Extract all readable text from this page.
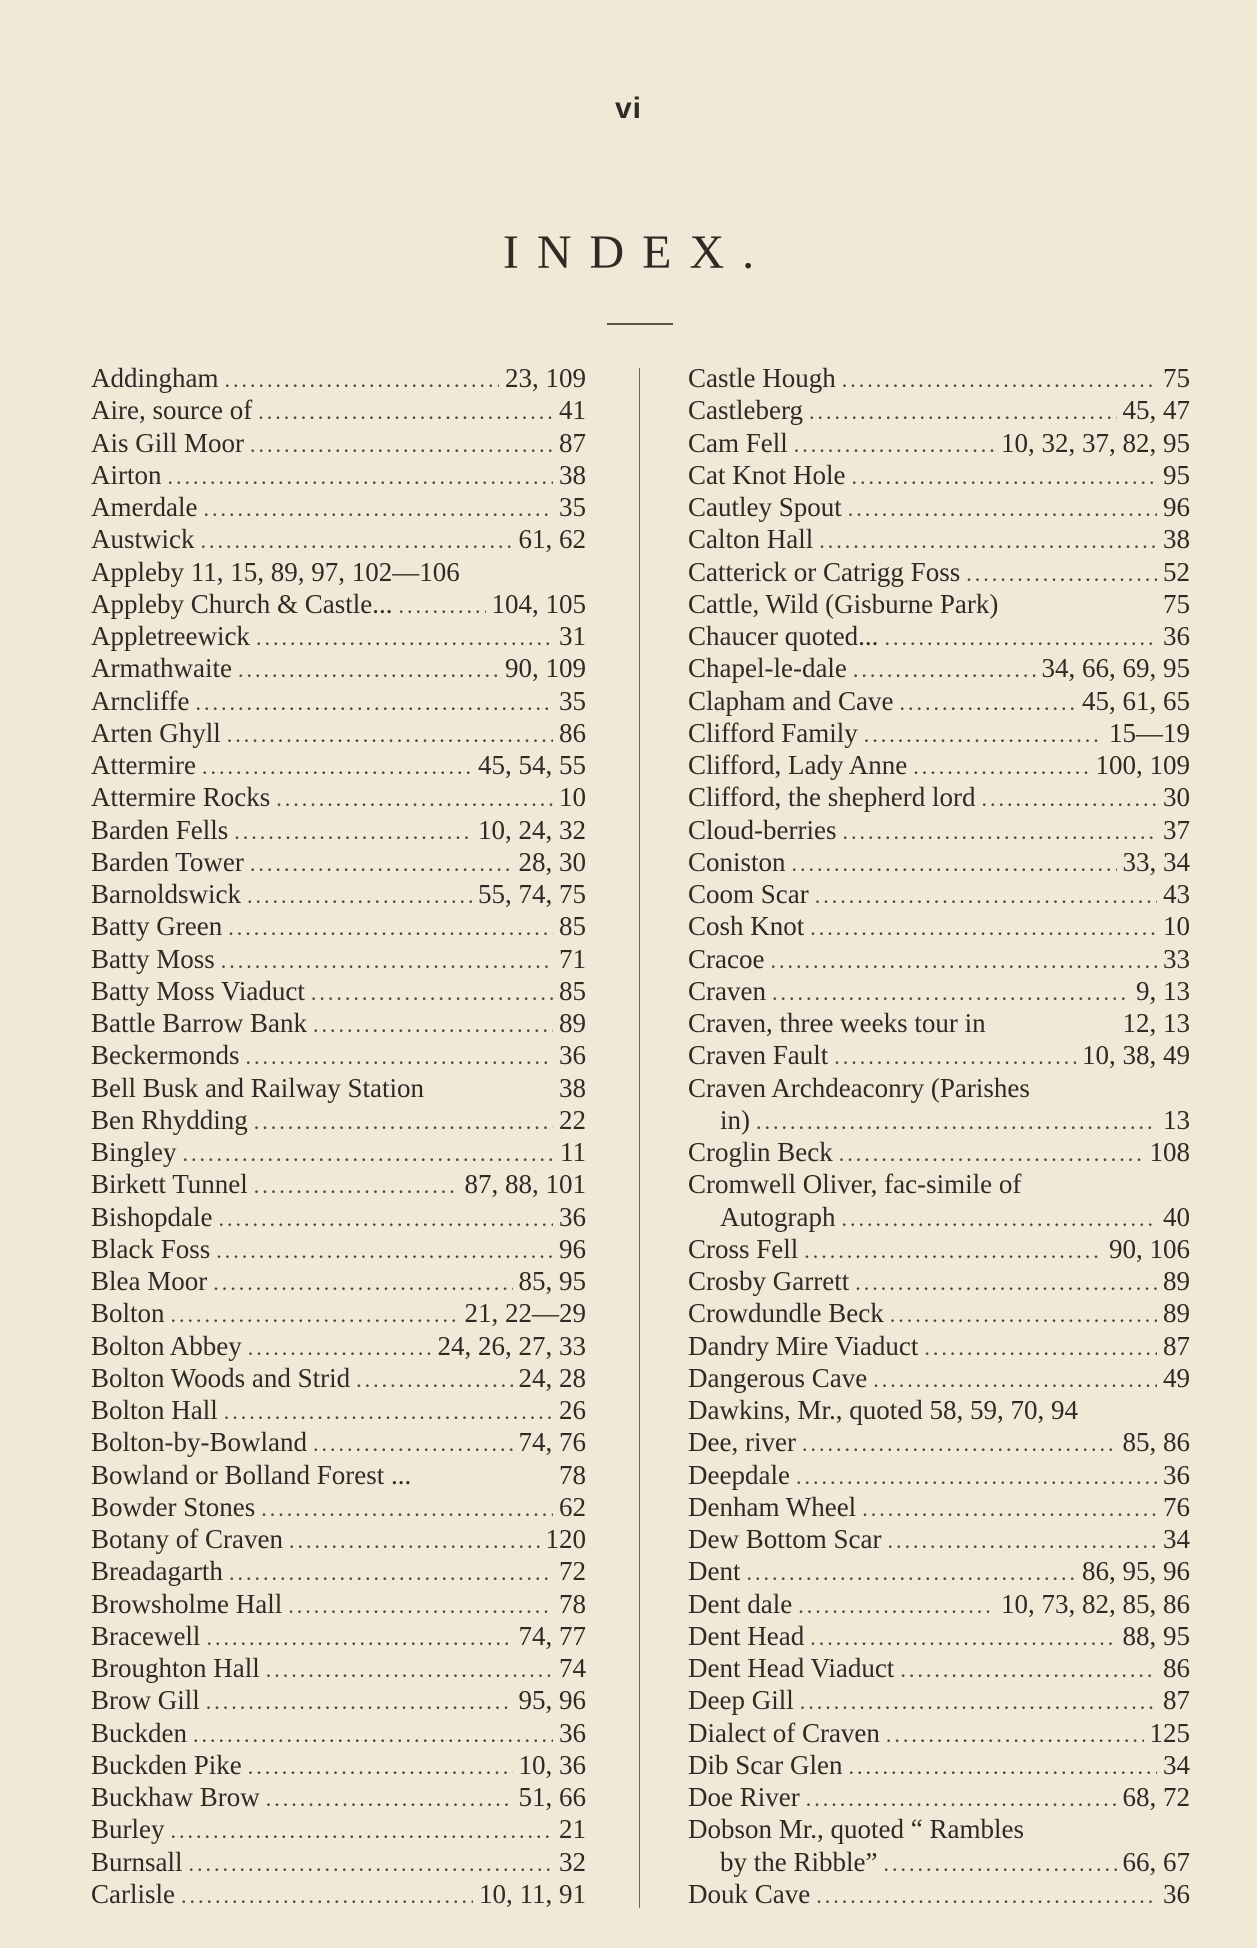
vi
INDEX.
Addingham .....	23, 109
Aire, source of .....	41
Ais Gill Moor .....	87
Airton .....	38
Amerdale .....	35
Austwick .....	61, 62
Appleby 11, 15, 89, 97, 102—106
Appleby Church & Castle... .....	104, 105
Appletreewick .....	31
Armathwaite .....	90, 109
Arncliffe .....	35
Arten Ghyll .....	86
Attermire .....	45, 54, 55
Attermire Rocks .....	10
Barden Fells .....	10, 24, 32
Barden Tower .....	28, 30
Barnoldswick .....	55, 74, 75
Batty Green .....	85
Batty Moss .....	71
Batty Moss Viaduct .....	85
Battle Barrow Bank .....	89
Beckermonds .....	36
Bell Busk and Railway Station	38
Ben Rhydding .....	22
Bingley .....	11
Birkett Tunnel .....	87, 88, 101
Bishopdale .....	36
Black Foss .....	96
Blea Moor .....	85, 95
Bolton .....	21, 22—29
Bolton Abbey .....	24, 26, 27, 33
Bolton Woods and Strid .....	24, 28
Bolton Hall .....	26
Bolton-by-Bowland .....	74, 76
Bowland or Bolland Forest ...	78
Bowder Stones .....	62
Botany of Craven .....	120
Breadagarth .....	72
Browsholme Hall .....	78
Bracewell .....	74, 77
Broughton Hall .....	74
Brow Gill .....	95, 96
Buckden .....	36
Buckden Pike .....	10, 36
Buckhaw Brow .....	51, 66
Burley .....	21
Burnsall .....	32
Carlisle .....	10, 11, 91
Castle Hough .....	75
Castleberg .....	45, 47
Cam Fell .....	10, 32, 37, 82, 95
Cat Knot Hole .....	95
Cautley Spout .....	96
Calton Hall .....	38
Catterick or Catrigg Foss .....	52
Cattle, Wild (Gisburne Park)	75
Chaucer quoted... .....	36
Chapel-le-dale .....	34, 66, 69, 95
Clapham and Cave .....	45, 61, 65
Clifford Family .....	15—19
Clifford, Lady Anne .....	100, 109
Clifford, the shepherd lord .....	30
Cloud-berries .....	37
Coniston .....	33, 34
Coom Scar .....	43
Cosh Knot .....	10
Cracoe .....	33
Craven .....	9, 13
Craven, three weeks tour in	12, 13
Craven Fault .....	10, 38, 49
Craven Archdeaconry (Parishes
in) .....	13
Croglin Beck .....	108
Cromwell Oliver, fac-simile of
Autograph .....	40
Cross Fell .....	90, 106
Crosby Garrett .....	89
Crowdundle Beck .....	89
Dandry Mire Viaduct .....	87
Dangerous Cave .....	49
Dawkins, Mr., quoted 58, 59, 70, 94
Dee, river .....	85, 86
Deepdale .....	36
Denham Wheel .....	76
Dew Bottom Scar .....	34
Dent .....	86, 95, 96
Dent dale .....	10, 73, 82, 85, 86
Dent Head .....	88, 95
Dent Head Viaduct .....	86
Deep Gill .....	87
Dialect of Craven .....	125
Dib Scar Glen .....	34
Doe River .....	68, 72
Dobson Mr., quoted “ Rambles
by the Ribble” .....	66, 67
Douk Cave .....	36
